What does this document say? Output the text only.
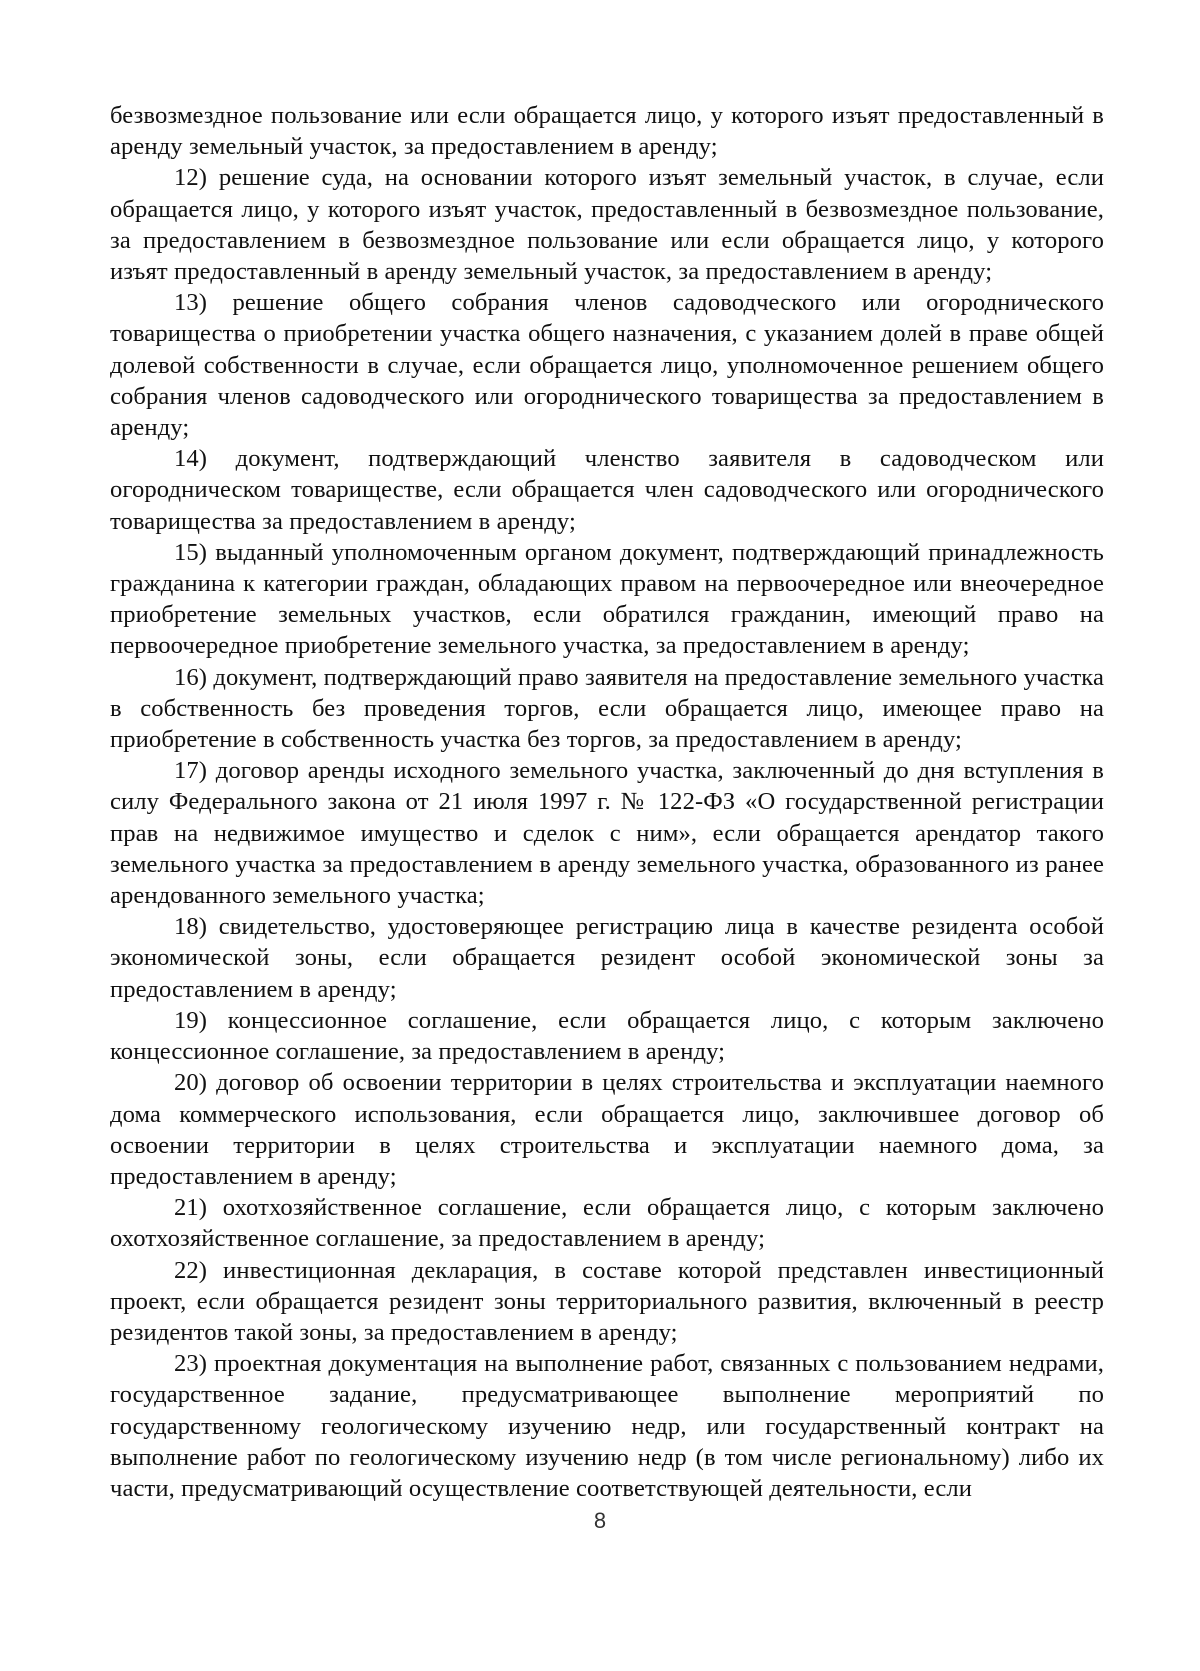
безвозмездное пользование или если обращается лицо, у которого изъят предоставленный в аренду земельный участок, за предоставлением в аренду;

12) решение суда, на основании которого изъят земельный участок, в случае, если обращается лицо, у которого изъят участок, предоставленный в безвозмездное пользование, за предоставлением в безвозмездное пользование или если обращается лицо, у которого изъят предоставленный в аренду земельный участок, за предоставлением в аренду;

13) решение общего собрания членов садоводческого или огороднического товарищества о приобретении участка общего назначения, с указанием долей в праве общей долевой собственности в случае, если обращается лицо, уполномоченное решением общего собрания членов садоводческого или огороднического товарищества за предоставлением в аренду;

14) документ, подтверждающий членство заявителя в садоводческом или огородническом товариществе, если обращается член садоводческого или огороднического товарищества за предоставлением в аренду;

15) выданный уполномоченным органом документ, подтверждающий принадлежность гражданина к категории граждан, обладающих правом на первоочередное или внеочередное приобретение земельных участков, если обратился гражданин, имеющий право на первоочередное приобретение земельного участка, за предоставлением в аренду;

16) документ, подтверждающий право заявителя на предоставление земельного участка в собственность без проведения торгов, если обращается лицо, имеющее право на приобретение в собственность участка без торгов, за предоставлением в аренду;

17) договор аренды исходного земельного участка, заключенный до дня вступления в силу Федерального закона от 21 июля 1997 г. № 122-ФЗ «О государственной регистрации прав на недвижимое имущество и сделок с ним», если обращается арендатор такого земельного участка за предоставлением в аренду земельного участка, образованного из ранее арендованного земельного участка;

18) свидетельство, удостоверяющее регистрацию лица в качестве резидента особой экономической зоны, если обращается резидент особой экономической зоны за предоставлением в аренду;

19) концессионное соглашение, если обращается лицо, с которым заключено концессионное соглашение, за предоставлением в аренду;

20) договор об освоении территории в целях строительства и эксплуатации наемного дома коммерческого использования, если обращается лицо, заключившее договор об освоении территории в целях строительства и эксплуатации наемного дома, за предоставлением в аренду;

21) охотхозяйственное соглашение, если обращается лицо, с которым заключено охотхозяйственное соглашение, за предоставлением в аренду;

22) инвестиционная декларация, в составе которой представлен инвестиционный проект, если обращается резидент зоны территориального развития, включенный в реестр резидентов такой зоны, за предоставлением в аренду;

23) проектная документация на выполнение работ, связанных с пользованием недрами, государственное задание, предусматривающее выполнение мероприятий по государственному геологическому изучению недр, или государственный контракт на выполнение работ по геологическому изучению недр (в том числе региональному) либо их части, предусматривающий осуществление соответствующей деятельности, если

8
